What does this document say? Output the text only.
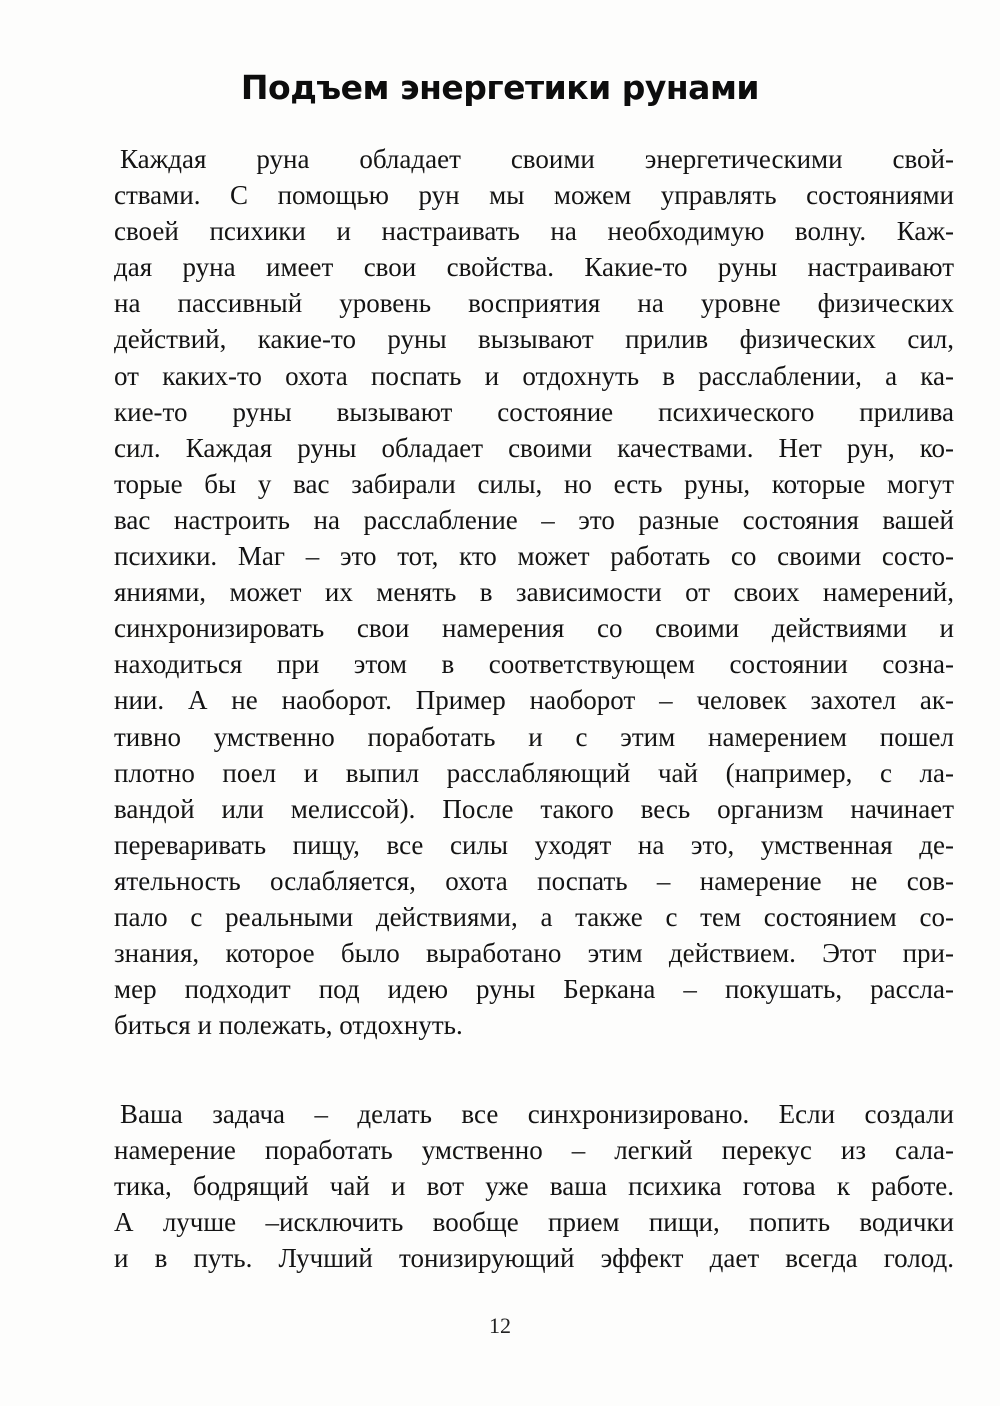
Подъем энергетики рунами

Каждая руна обладает своими энергетическими свой-
ствами. С помощью рун мы можем управлять состояниями
своей психики и настраивать на необходимую волну. Каж-
дая руна имеет свои свойства. Какие-то руны настраивают
на пассивный уровень восприятия на уровне физических
действий, какие-то руны вызывают прилив физических сил,
от каких-то охота поспать и отдохнуть в расслаблении, а ка-
кие-то руны вызывают состояние психического прилива
сил. Каждая руны обладает своими качествами. Нет рун, ко-
торые бы у вас забирали силы, но есть руны, которые могут
вас настроить на расслабление – это разные состояния вашей
психики. Маг – это тот, кто может работать со своими состо-
яниями, может их менять в зависимости от своих намерений,
синхронизировать свои намерения со своими действиями и
находиться при этом в соответствующем состоянии созна-
нии. А не наоборот. Пример наоборот – человек захотел ак-
тивно умственно поработать и с этим намерением пошел
плотно поел и выпил расслабляющий чай (например, с ла-
вандой или мелиссой). После такого весь организм начинает
переваривать пищу, все силы уходят на это, умственная де-
ятельность ослабляется, охота поспать – намерение не сов-
пало с реальными действиями, а также с тем состоянием со-
знания, которое было выработано этим действием. Этот при-
мер подходит под идею руны Беркана – покушать, рассла-
биться и полежать, отдохнуть.

Ваша задача – делать все синхронизировано. Если создали
намерение поработать умственно – легкий перекус из сала-
тика, бодрящий чай и вот уже ваша психика готова к работе.
А лучше –исключить вообще прием пищи, попить водички
и в путь. Лучший тонизирующий эффект дает всегда голод.

12
